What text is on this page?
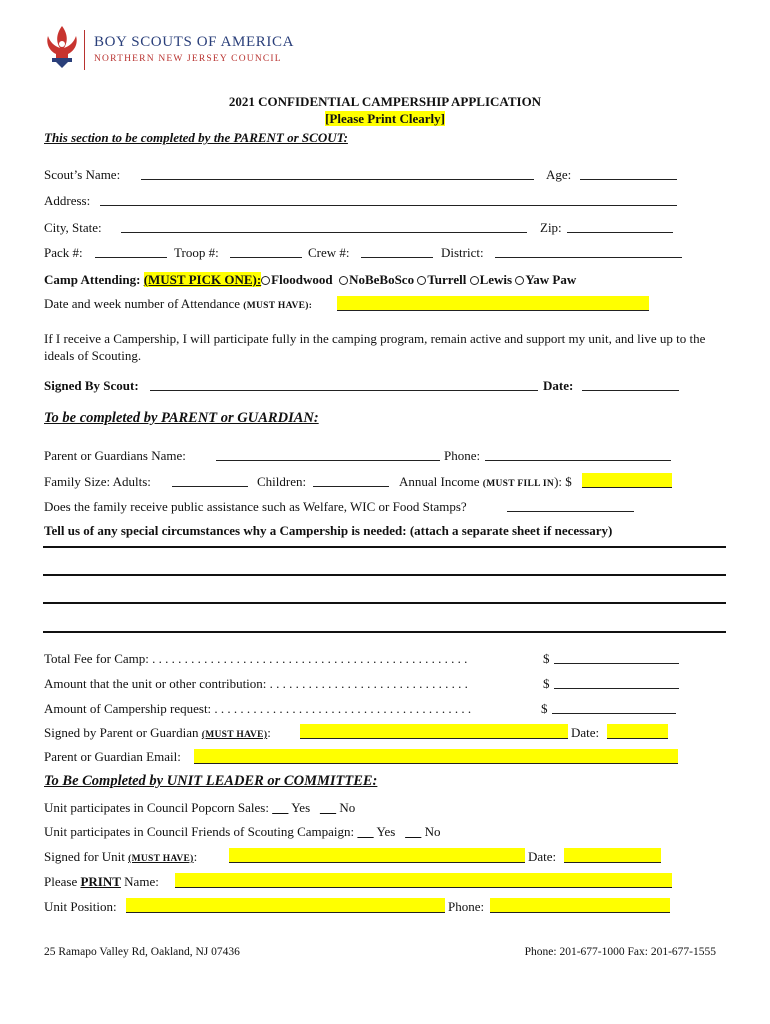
BOY SCOUTS OF AMERICA
NORTHERN NEW JERSEY COUNCIL
2021 CONFIDENTIAL CAMPERSHIP APPLICATION
[Please Print Clearly]
This section to be completed by the PARENT or SCOUT:
Scout’s Name:	Age:
Address:
City, State:	Zip:
Pack #:	Troop #:	Crew #:	District:
Camp Attending: (MUST PICK ONE): Floodwood NoBeBoSco Turrell Lewis Yaw Paw
Date and week number of Attendance (MUST HAVE):
If I receive a Campership, I will participate fully in the camping program, remain active and support my unit, and live up to the ideals of Scouting.
Signed By Scout:	Date:
To be completed by PARENT or GUARDIAN:
Parent or Guardians Name:	Phone:
Family Size: Adults:	Children:	Annual Income (MUST FILL IN): $
Does the family receive public assistance such as Welfare, WIC or Food Stamps?
Tell us of any special circumstances why a Campership is needed: (attach a separate sheet if necessary)
Total Fee for Camp: . . . . . . . . . . . . . . . . . . . . . . . . . . . . . . . . . . . . . . . . . . . . . . . . .	$
Amount that the unit or other contribution: . . . . . . . . . . . . . . . . . . . . . . . . . . . . . . .	$
Amount of Campership request: . . . . . . . . . . . . . . . . . . . . . . . . . . . . . . . . . . . . . . . .	$
Signed by Parent or Guardian (MUST HAVE):	Date:
Parent or Guardian Email:
To Be Completed by UNIT LEADER or COMMITTEE:
Unit participates in Council Popcorn Sales: Yes No
Unit participates in Council Friends of Scouting Campaign: Yes No
Signed for Unit (MUST HAVE):	Date:
Please PRINT Name:
Unit Position:	Phone:
25 Ramapo Valley Rd, Oakland, NJ 07436	Phone: 201-677-1000 Fax: 201-677-1555
